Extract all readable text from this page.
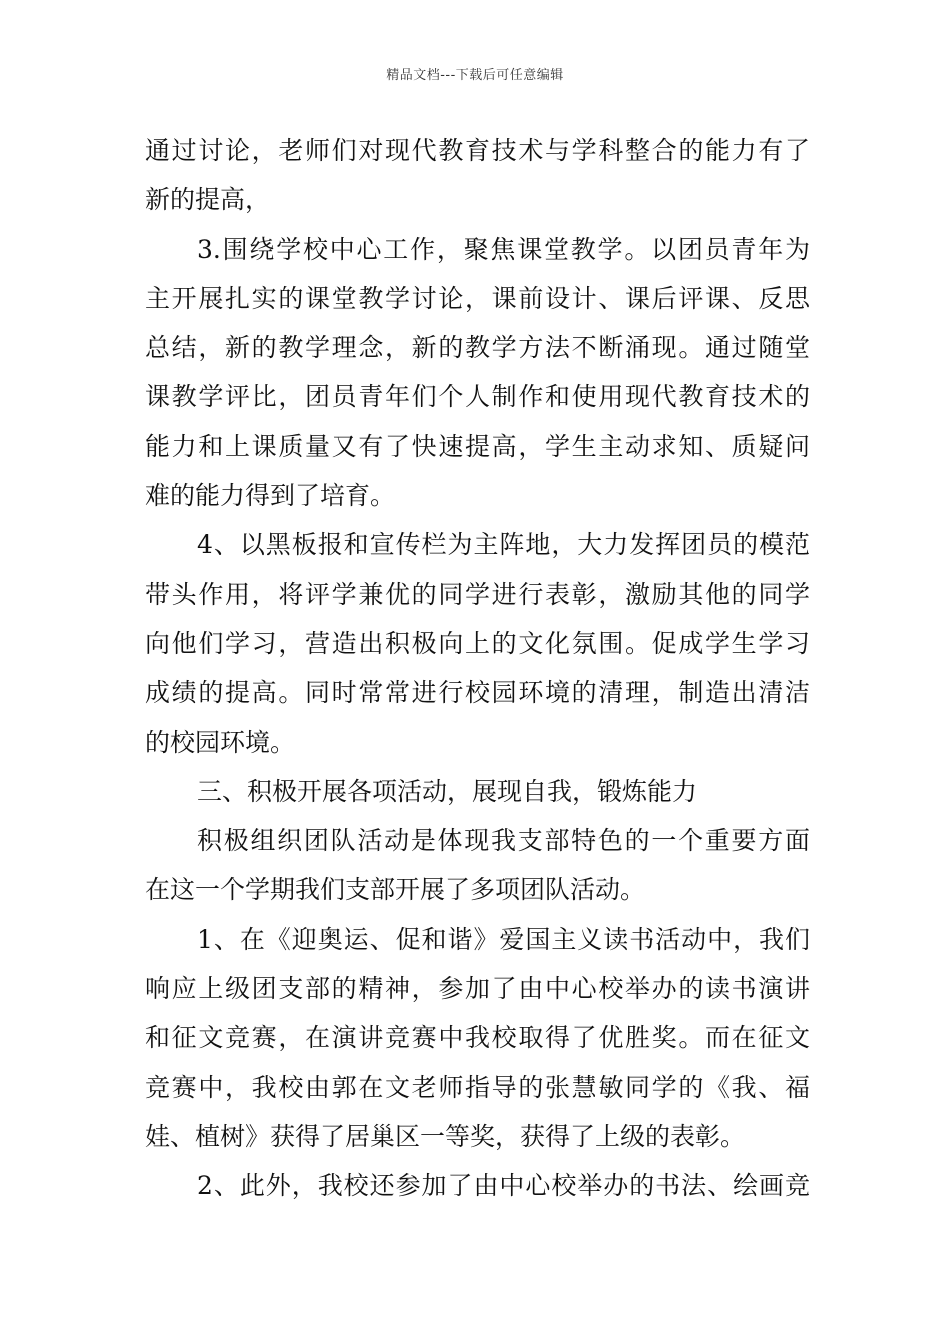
精品文档---下载后可任意编辑
通过讨论，老师们对现代教育技术与学科整合的能力有了
新的提高，
3.围绕学校中心工作，聚焦课堂教学。以团员青年为
主开展扎实的课堂教学讨论，课前设计、课后评课、反思
总结，新的教学理念，新的教学方法不断涌现。通过随堂
课教学评比，团员青年们个人制作和使用现代教育技术的
能力和上课质量又有了快速提高，学生主动求知、质疑问
难的能力得到了培育。
4、以黑板报和宣传栏为主阵地，大力发挥团员的模范
带头作用，将评学兼优的同学进行表彰，激励其他的同学
向他们学习，营造出积极向上的文化氛围。促成学生学习
成绩的提高。同时常常进行校园环境的清理，制造出清洁
的校园环境。
三、积极开展各项活动，展现自我，锻炼能力
积极组织团队活动是体现我支部特色的一个重要方面
在这一个学期我们支部开展了多项团队活动。
1、在《迎奥运、促和谐》爱国主义读书活动中，我们
响应上级团支部的精神，参加了由中心校举办的读书演讲
和征文竞赛，在演讲竞赛中我校取得了优胜奖。而在征文
竞赛中，我校由郭在文老师指导的张慧敏同学的《我、福
娃、植树》获得了居巢区一等奖，获得了上级的表彰。
2、此外，我校还参加了由中心校举办的书法、绘画竞
